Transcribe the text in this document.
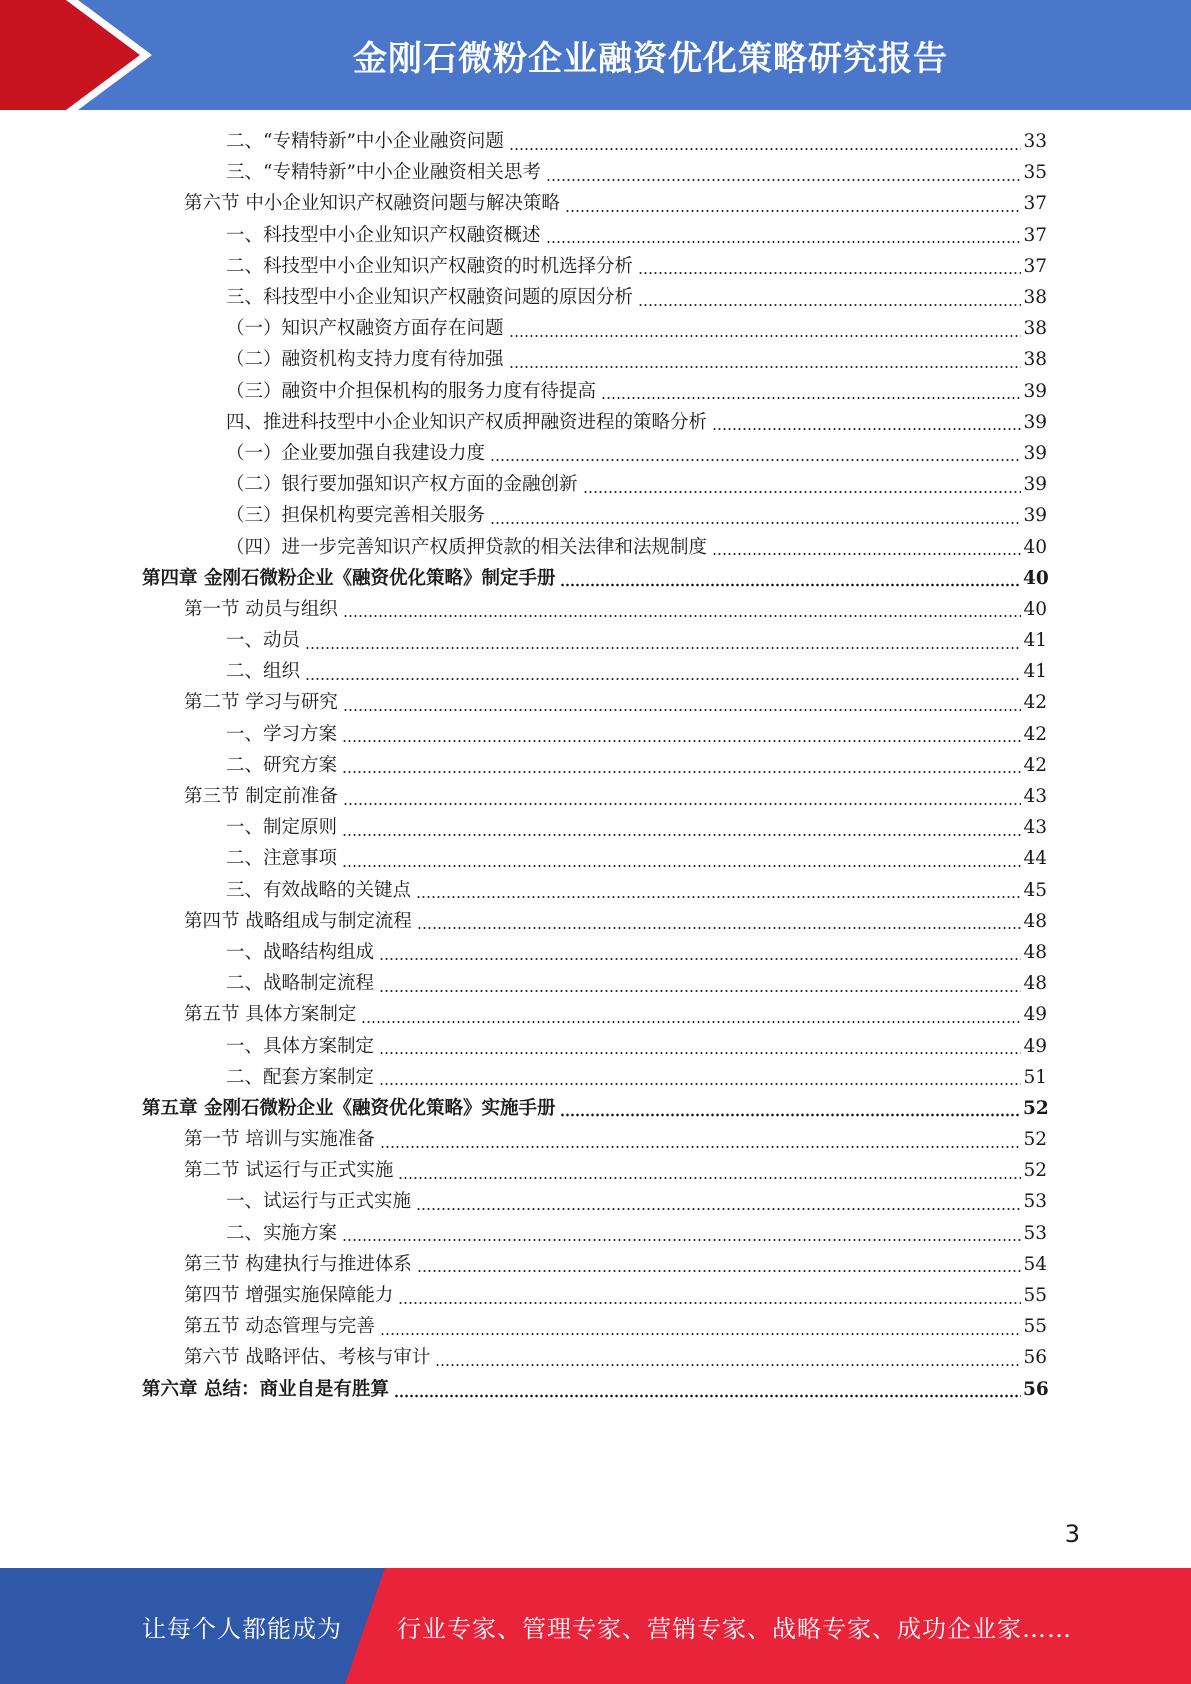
金刚石微粉企业融资优化策略研究报告
二、“专精特新”中小企业融资问题	33
三、“专精特新”中小企业融资相关思考	35
第六节 中小企业知识产权融资问题与解决策略	37
一、科技型中小企业知识产权融资概述	37
二、科技型中小企业知识产权融资的时机选择分析	37
三、科技型中小企业知识产权融资问题的原因分析	38
（一）知识产权融资方面存在问题	38
（二）融资机构支持力度有待加强	38
（三）融资中介担保机构的服务力度有待提高	39
四、推进科技型中小企业知识产权质押融资进程的策略分析	39
（一）企业要加强自我建设力度	39
（二）银行要加强知识产权方面的金融创新	39
（三）担保机构要完善相关服务	39
（四）进一步完善知识产权质押贷款的相关法律和法规制度	40
第四章 金刚石微粉企业《融资优化策略》制定手册	40
第一节 动员与组织	40
一、动员	41
二、组织	41
第二节 学习与研究	42
一、学习方案	42
二、研究方案	42
第三节 制定前准备	43
一、制定原则	43
二、注意事项	44
三、有效战略的关键点	45
第四节 战略组成与制定流程	48
一、战略结构组成	48
二、战略制定流程	48
第五节 具体方案制定	49
一、具体方案制定	49
二、配套方案制定	51
第五章 金刚石微粉企业《融资优化策略》实施手册	52
第一节 培训与实施准备	52
第二节 试运行与正式实施	52
一、试运行与正式实施	53
二、实施方案	53
第三节 构建执行与推进体系	54
第四节 增强实施保障能力	55
第五节 动态管理与完善	55
第六节 战略评估、考核与审计	56
第六章 总结：商业自是有胜算	56
3
让每个人都能成为 行业专家、管理专家、营销专家、战略专家、成功企业家……
